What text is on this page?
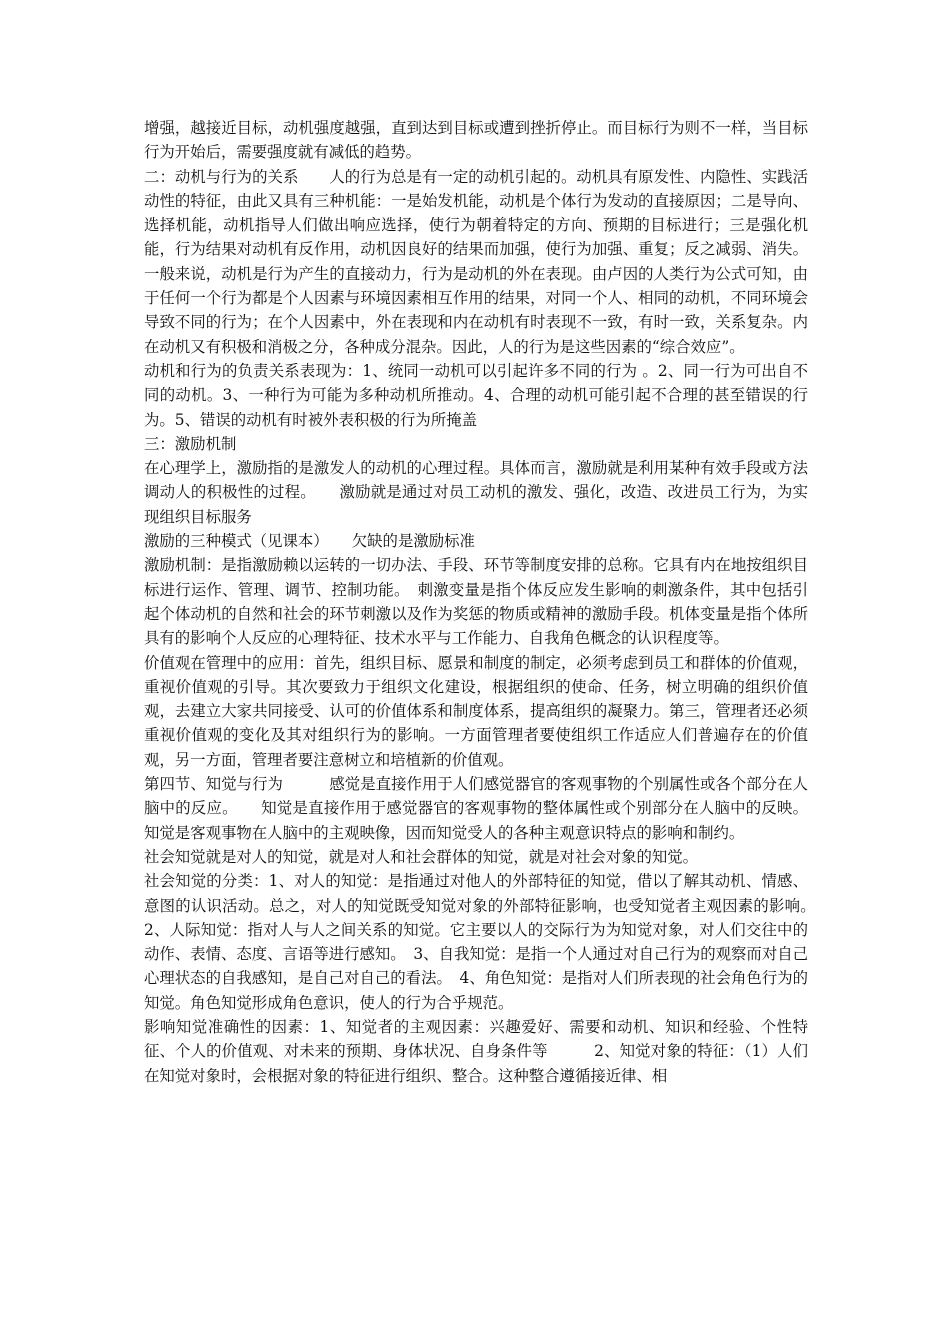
增强，越接近目标，动机强度越强，直到达到目标或遭到挫折停止。而目标行为则不一样，当目标行为开始后，需要强度就有减低的趋势。

二：动机与行为的关系　　人的行为总是有一定的动机引起的。动机具有原发性、内隐性、实践活动性的特征，由此又具有三种机能：一是始发机能，动机是个体行为发动的直接原因；二是导向、选择机能，动机指导人们做出响应选择，使行为朝着特定的方向、预期的目标进行；三是强化机能，行为结果对动机有反作用，动机因良好的结果而加强，使行为加强、重复；反之减弱、消失。一般来说，动机是行为产生的直接动力，行为是动机的外在表现。由卢因的人类行为公式可知，由于任何一个行为都是个人因素与环境因素相互作用的结果，对同一个人、相同的动机，不同环境会导致不同的行为；在个人因素中，外在表现和内在动机有时表现不一致，有时一致，关系复杂。内在动机又有积极和消极之分，各种成分混杂。因此，人的行为是这些因素的“综合效应”。

动机和行为的负责关系表现为：1、统同一动机可以引起许多不同的行为 。2、同一行为可出自不同的动机。3、一种行为可能为多种动机所推动。4、合理的动机可能引起不合理的甚至错误的行为。5、错误的动机有时被外表积极的行为所掩盖

三：激励机制

在心理学上，激励指的是激发人的动机的心理过程。具体而言，激励就是利用某种有效手段或方法调动人的积极性的过程。　　激励就是通过对员工动机的激发、强化，改造、改进员工行为，为实现组织目标服务

激励的三种模式（见课本）　　欠缺的是激励标准

激励机制：是指激励赖以运转的一切办法、手段、环节等制度安排的总称。它具有内在地按组织目标进行运作、管理、调节、控制功能。　刺激变量是指个体反应发生影响的刺激条件，其中包括引起个体动机的自然和社会的环节刺激以及作为奖惩的物质或精神的激励手段。机体变量是指个体所具有的影响个人反应的心理特征、技术水平与工作能力、自我角色概念的认识程度等。

价值观在管理中的应用：首先，组织目标、愿景和制度的制定，必须考虑到员工和群体的价值观，重视价值观的引导。其次要致力于组织文化建设，根据组织的使命、任务，树立明确的组织价值观，去建立大家共同接受、认可的价值体系和制度体系，提高组织的凝聚力。第三，管理者还必须重视价值观的变化及其对组织行为的影响。一方面管理者要使组织工作适应人们普遍存在的价值观，另一方面，管理者要注意树立和培植新的价值观。

第四节、知觉与行为　　　感觉是直接作用于人们感觉器官的客观事物的个别属性或各个部分在人脑中的反应。　　知觉是直接作用于感觉器官的客观事物的整体属性或个别部分在人脑中的反映。知觉是客观事物在人脑中的主观映像，因而知觉受人的各种主观意识特点的影响和制约。

社会知觉就是对人的知觉，就是对人和社会群体的知觉，就是对社会对象的知觉。

社会知觉的分类：1、对人的知觉：是指通过对他人的外部特征的知觉，借以了解其动机、情感、意图的认识活动。总之，对人的知觉既受知觉对象的外部特征影响，也受知觉者主观因素的影响。　2、人际知觉：指对人与人之间关系的知觉。它主要以人的交际行为为知觉对象，对人们交往中的动作、表情、态度、言语等进行感知。　3、自我知觉：是指一个人通过对自己行为的观察而对自己心理状态的自我感知，是自己对自己的看法。　4、角色知觉：是指对人们所表现的社会角色行为的知觉。角色知觉形成角色意识，使人的行为合乎规范。

影响知觉准确性的因素：1、知觉者的主观因素：兴趣爱好、需要和动机、知识和经验、个性特征、个人的价值观、对未来的预期、身体状况、自身条件等　　　2、知觉对象的特征：（1）人们在知觉对象时，会根据对象的特征进行组织、整合。这种整合遵循接近律、相
